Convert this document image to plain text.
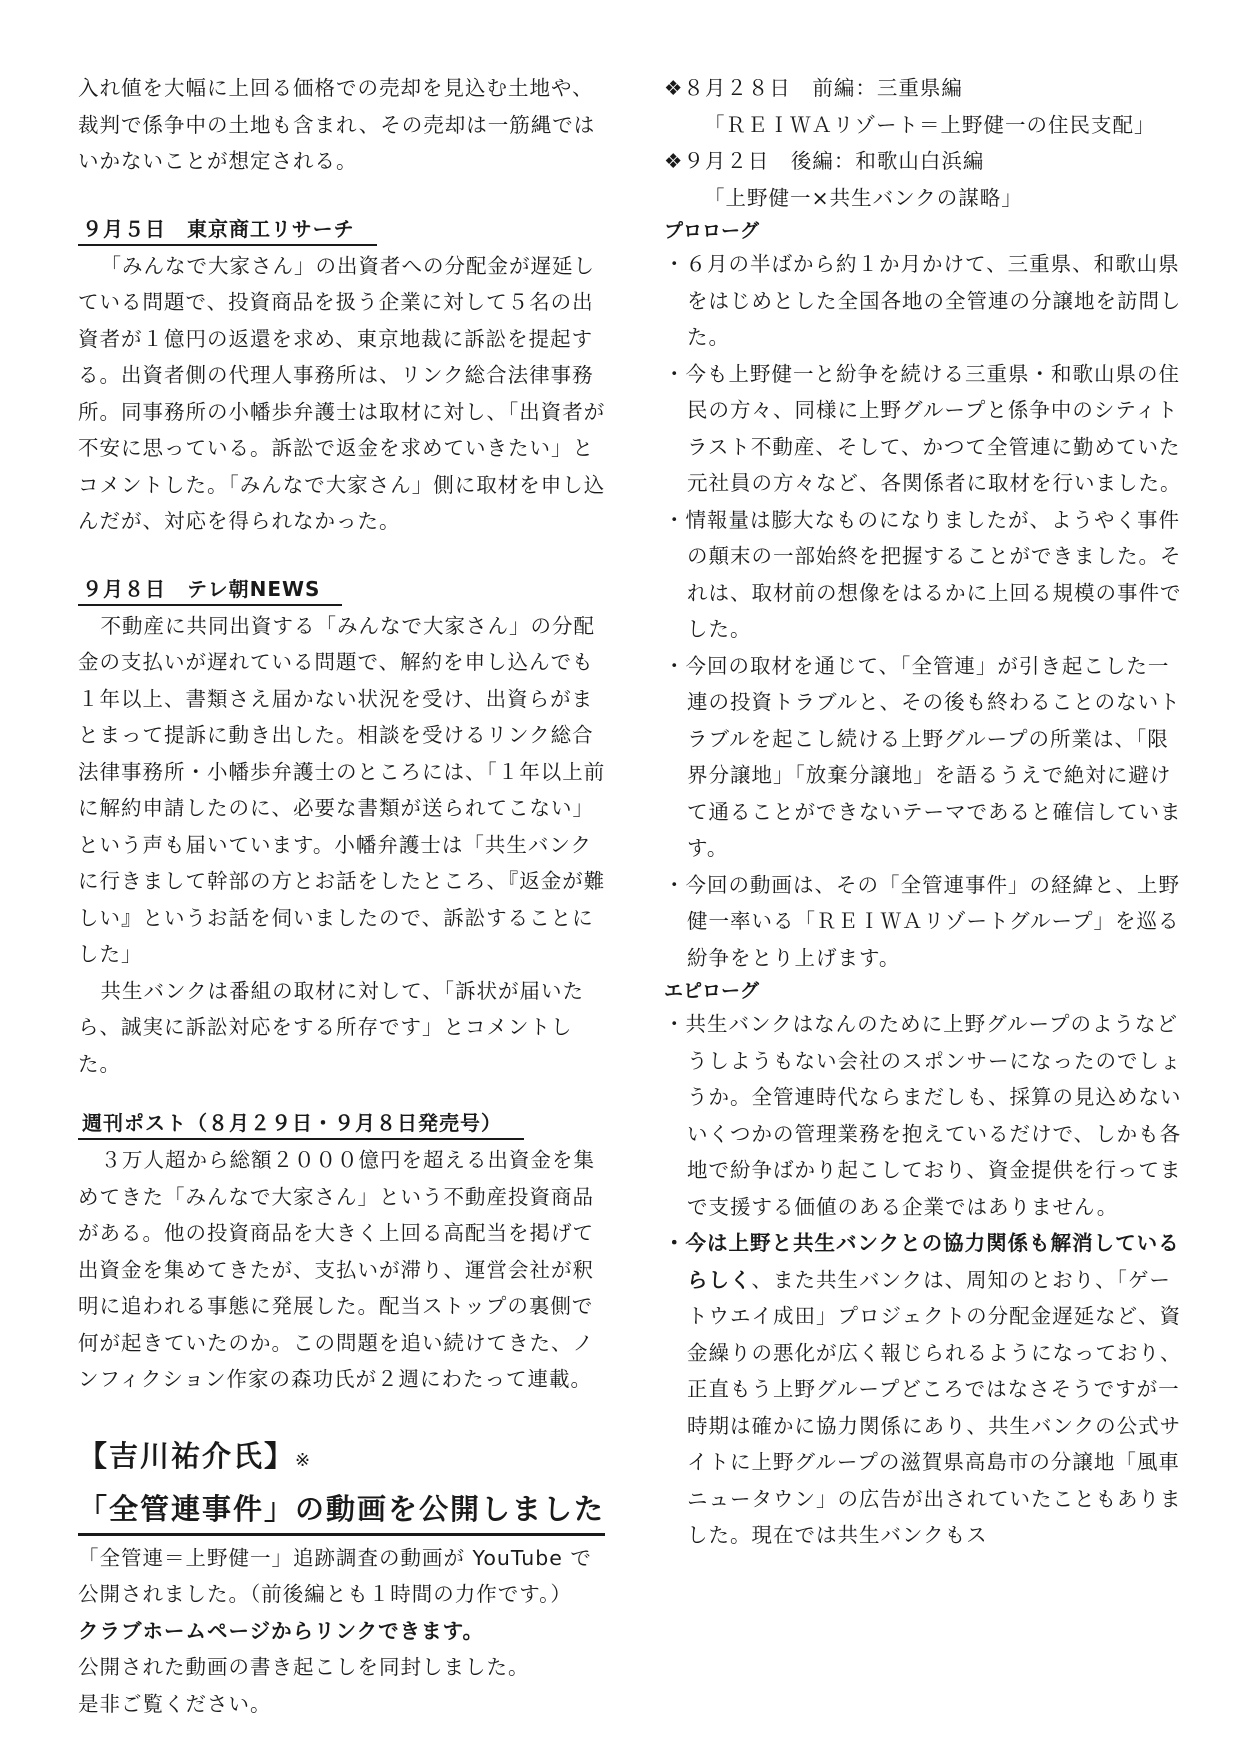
入れ値を大幅に上回る価格での売却を見込む土地や、裁判で係争中の土地も含まれ、その売却は一筋縄ではいかないことが想定される。

９月５日　東京商工リサーチ

「みんなで大家さん」の出資者への分配金が遅延している問題で、投資商品を扱う企業に対して５名の出資者が１億円の返還を求め、東京地裁に訴訟を提起する。出資者側の代理人事務所は、リンク総合法律事務所。同事務所の小幡歩弁護士は取材に対し、「出資者が不安に思っている。訴訟で返金を求めていきたい」とコメントした。「みんなで大家さん」側に取材を申し込んだが、対応を得られなかった。

９月８日　テレ朝NEWS

不動産に共同出資する「みんなで大家さん」の分配金の支払いが遅れている問題で、解約を申し込んでも１年以上、書類さえ届かない状況を受け、出資らがまとまって提訴に動き出した。相談を受けるリンク総合法律事務所・小幡歩弁護士のところには、「１年以上前に解約申請したのに、必要な書類が送られてこない」という声も届いています。小幡弁護士は「共生バンクに行きまして幹部の方とお話をしたところ、『返金が難しい』というお話を伺いましたので、訴訟することにした」

共生バンクは番組の取材に対して、「訴状が届いたら、誠実に訴訟対応をする所存です」とコメントした。

週刊ポスト（８月２９日・９月８日発売号）

３万人超から総額２０００億円を超える出資金を集めてきた「みんなで大家さん」という不動産投資商品がある。他の投資商品を大きく上回る高配当を掲げて出資金を集めてきたが、支払いが滞り、運営会社が釈明に追われる事態に発展した。配当ストップの裏側で何が起きていたのか。この問題を追い続けてきた、ノンフィクション作家の森功氏が２週にわたって連載。

【吉川祐介氏】※

「全管連事件」の動画を公開しました

「全管連＝上野健一」追跡調査の動画が YouTube で公開されました。（前後編とも１時間の力作です。）

クラブホームページからリンクできます。

公開された動画の書き起こしを同封しました。

是非ご覧ください。

❖８月２８日　前編：三重県編

「ＲＥＩＷＡリゾート＝上野健一の住民支配」

❖９月２日　後編：和歌山白浜編

「上野健一×共生バンクの謀略」

プロローグ

・６月の半ばから約１か月かけて、三重県、和歌山県をはじめとした全国各地の全管連の分譲地を訪問した。

・今も上野健一と紛争を続ける三重県・和歌山県の住民の方々、同様に上野グループと係争中のシティトラスト不動産、そして、かつて全管連に勤めていた元社員の方々など、各関係者に取材を行いました。

・情報量は膨大なものになりましたが、ようやく事件の顛末の一部始終を把握することができました。それは、取材前の想像をはるかに上回る規模の事件でした。

・今回の取材を通じて、「全管連」が引き起こした一連の投資トラブルと、その後も終わることのないトラブルを起こし続ける上野グループの所業は、「限界分譲地」「放棄分譲地」を語るうえで絶対に避けて通ることができないテーマであると確信しています。

・今回の動画は、その「全管連事件」の経緯と、上野健一率いる「ＲＥＩＷＡリゾートグループ」を巡る紛争をとり上げます。

エピローグ

・共生バンクはなんのために上野グループのようなどうしようもない会社のスポンサーになったのでしょうか。全管連時代ならまだしも、採算の見込めないいくつかの管理業務を抱えているだけで、しかも各地で紛争ばかり起こしており、資金提供を行ってまで支援する価値のある企業ではありません。

・今は上野と共生バンクとの協力関係も解消しているらしく、また共生バンクは、周知のとおり、「ゲートウエイ成田」プロジェクトの分配金遅延など、資金繰りの悪化が広く報じられるようになっており、正直もう上野グループどころではなさそうですが一時期は確かに協力関係にあり、共生バンクの公式サイトに上野グループの滋賀県高島市の分譲地「風車ニュータウン」の広告が出されていたこともありました。現在では共生バンクもス
